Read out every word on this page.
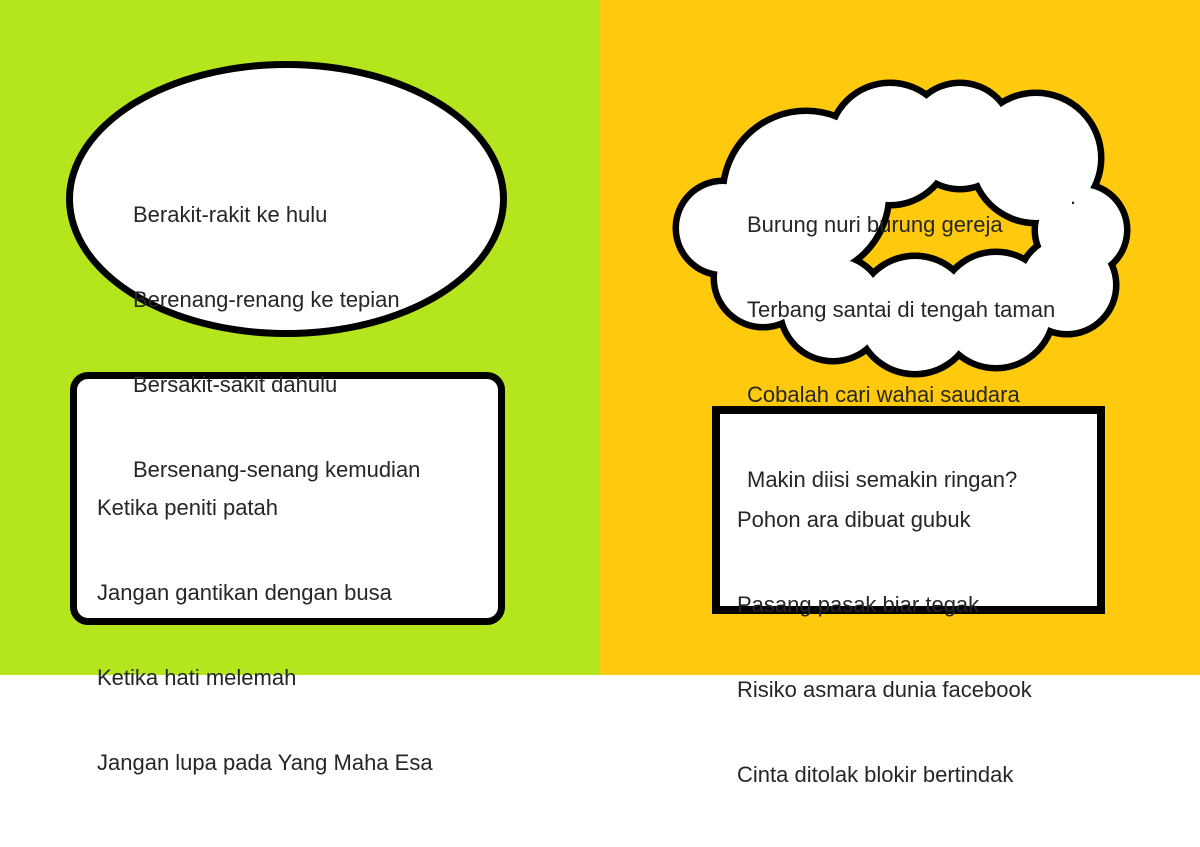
Berakit-rakit ke hulu

Berenang-renang ke tepian

Bersakit-sakit dahulu

Bersenang-senang kemudian

Burung nuri burung gereja

Terbang santai di tengah taman

Cobalah cari wahai saudara

Makin diisi semakin ringan?

.

Ketika peniti patah

Jangan gantikan dengan busa

Ketika hati melemah

Jangan lupa pada Yang Maha Esa

Pohon ara dibuat gubuk

Pasang pasak biar tegak

Risiko asmara dunia facebook

Cinta ditolak blokir bertindak
